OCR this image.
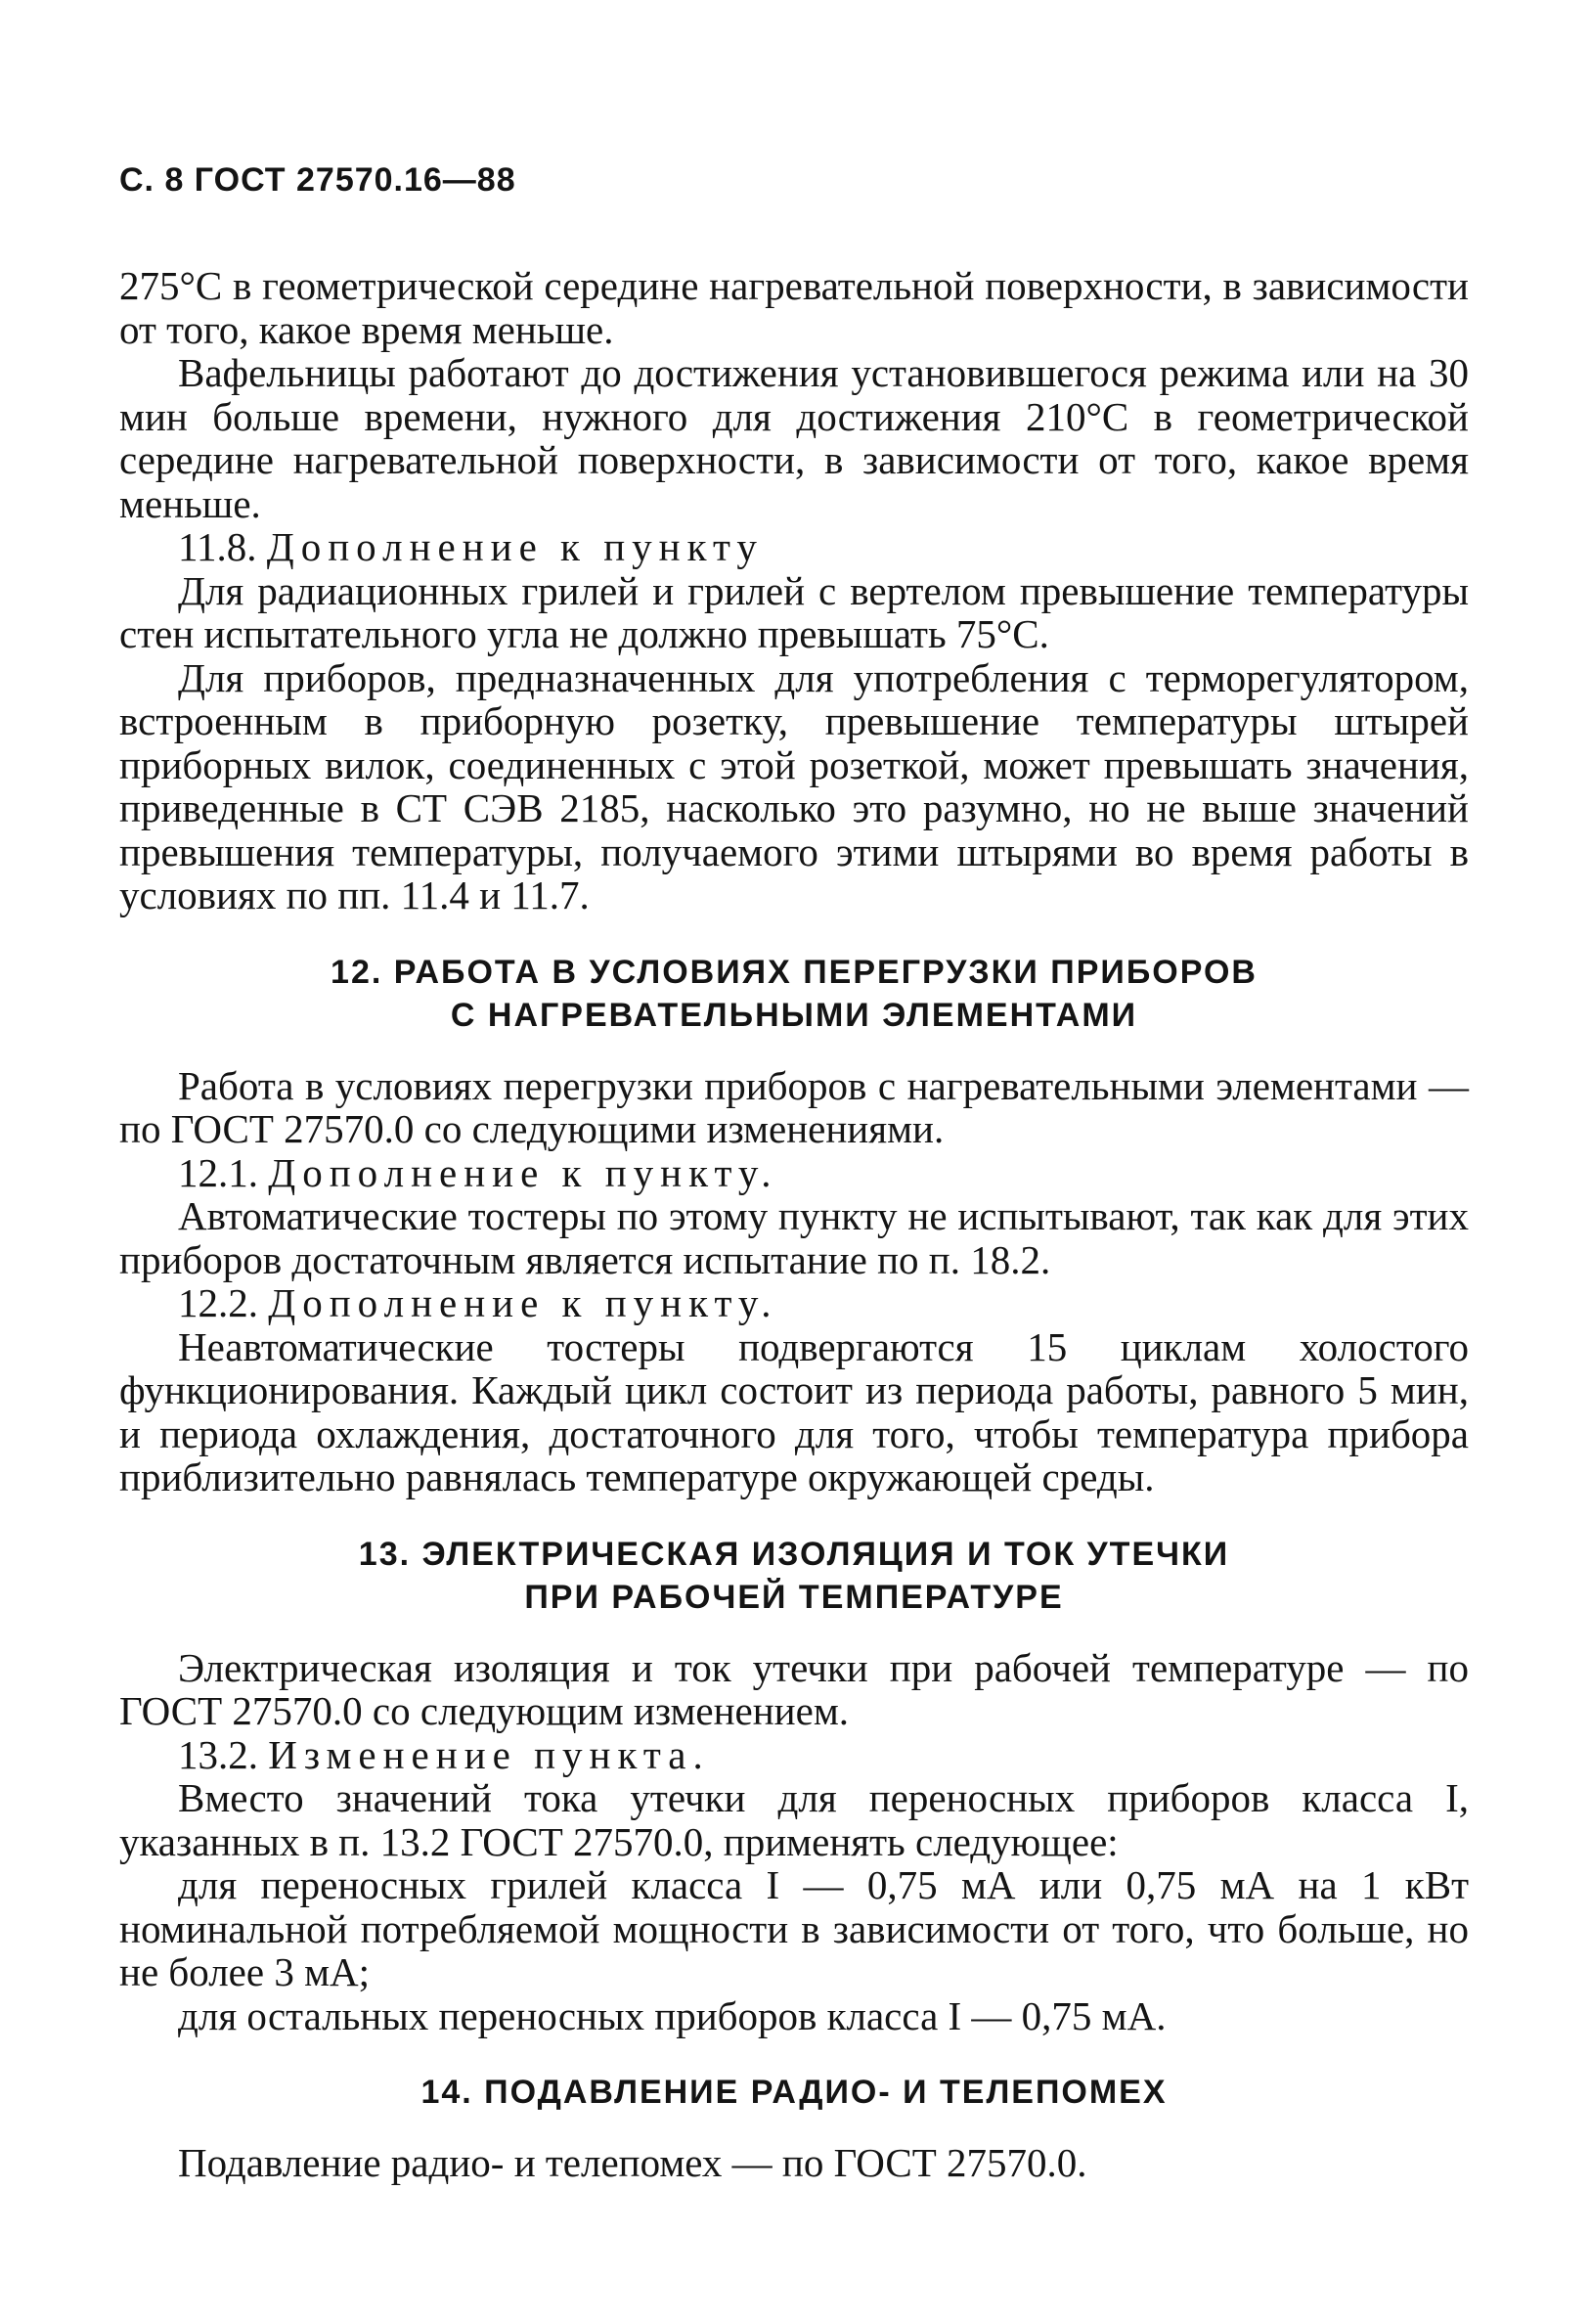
С. 8 ГОСТ 27570.16—88

275°С в геометрической середине нагревательной поверхности, в зависимости от того, какое время меньше.

Вафельницы работают до достижения установившегося режима или на 30 мин больше времени, нужного для достижения 210°С в геометрической середине нагревательной поверхности, в зависимости от того, какое время меньше.

11.8. Дополнение к пункту

Для радиационных грилей и грилей с вертелом превышение температуры стен испытательного угла не должно превышать 75°С.

Для приборов, предназначенных для употребления с терморегулятором, встроенным в приборную розетку, превышение температуры штырей приборных вилок, соединенных с этой розеткой, может превышать значения, приведенные в СТ СЭВ 2185, насколько это разумно, но не выше значений превышения температуры, получаемого этими штырями во время работы в условиях по пп. 11.4 и 11.7.

12. РАБОТА В УСЛОВИЯХ ПЕРЕГРУЗКИ ПРИБОРОВ
С НАГРЕВАТЕЛЬНЫМИ ЭЛЕМЕНТАМИ

Работа в условиях перегрузки приборов с нагревательными элементами — по ГОСТ 27570.0 со следующими изменениями.

12.1. Дополнение к пункту.

Автоматические тостеры по этому пункту не испытывают, так как для этих приборов достаточным является испытание по п. 18.2.

12.2. Дополнение к пункту.

Неавтоматические тостеры подвергаются 15 циклам холостого функционирования. Каждый цикл состоит из периода работы, равного 5 мин, и периода охлаждения, достаточного для того, чтобы температура прибора приблизительно равнялась температуре окружающей среды.

13. ЭЛЕКТРИЧЕСКАЯ ИЗОЛЯЦИЯ И ТОК УТЕЧКИ
ПРИ РАБОЧЕЙ ТЕМПЕРАТУРЕ

Электрическая изоляция и ток утечки при рабочей температуре — по ГОСТ 27570.0 со следующим изменением.

13.2. Изменение пункта.

Вместо значений тока утечки для переносных приборов класса I, указанных в п. 13.2 ГОСТ 27570.0, применять следующее:

для переносных грилей класса I — 0,75 мА или 0,75 мА на 1 кВт номинальной потребляемой мощности в зависимости от того, что больше, но не более 3 мА;

для остальных переносных приборов класса I — 0,75 мА.

14. ПОДАВЛЕНИЕ РАДИО- И ТЕЛЕПОМЕХ

Подавление радио- и телепомех — по ГОСТ 27570.0.
